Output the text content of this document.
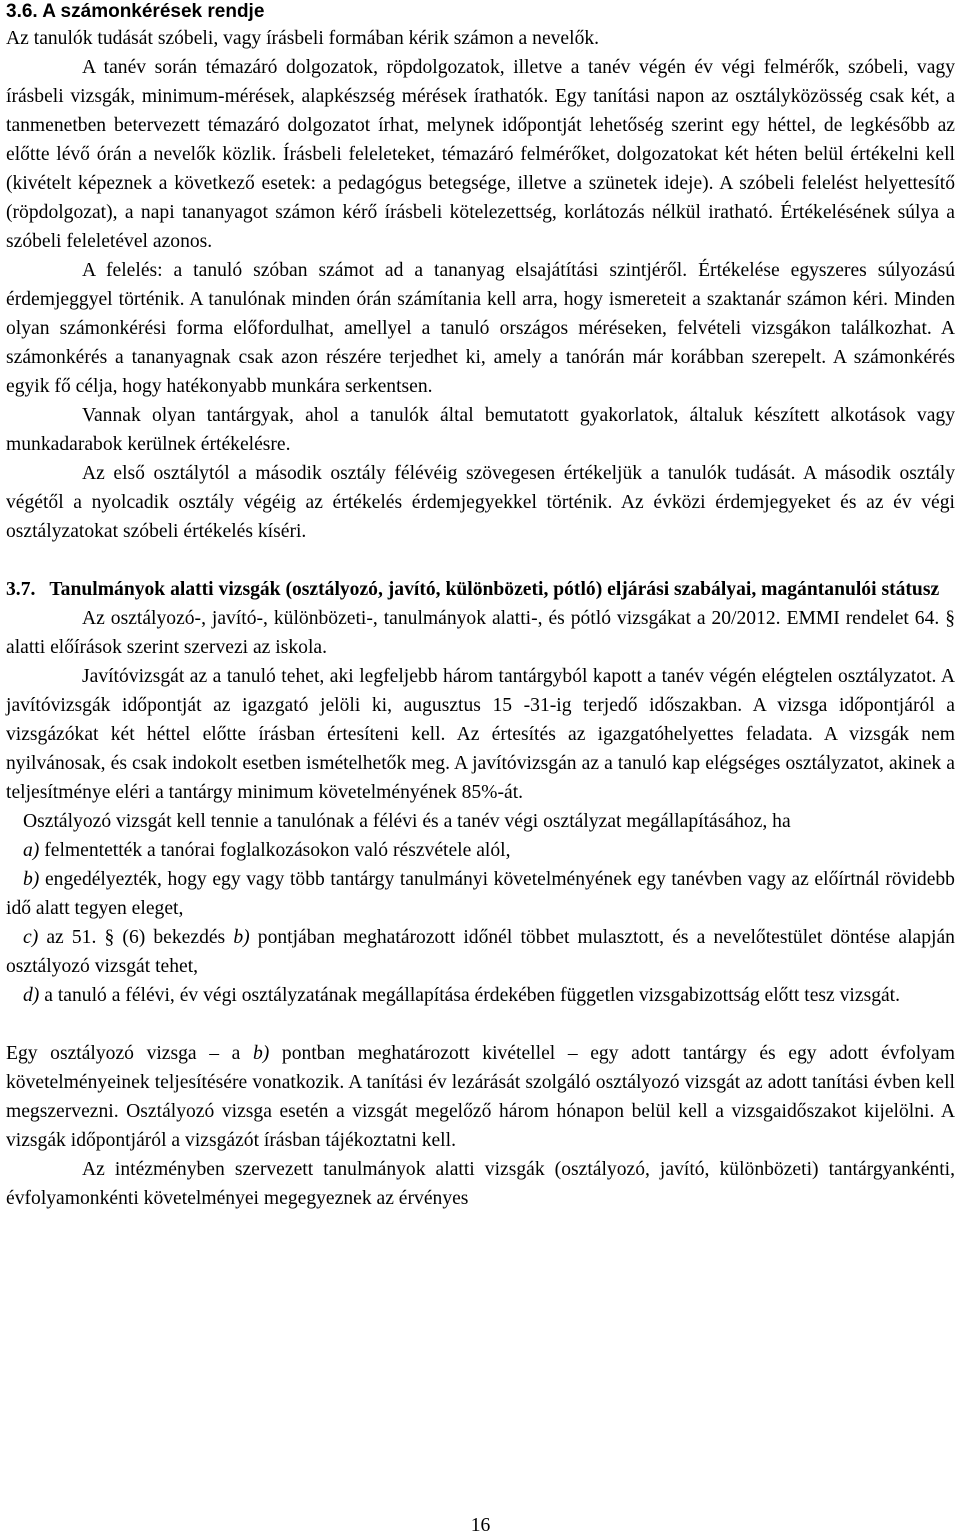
3.6. A számonkérések rendje

Az tanulók tudását szóbeli, vagy írásbeli formában kérik számon a nevelők.

A tanév során témazáró dolgozatok, röpdolgozatok, illetve a tanév végén év végi felmérők, szóbeli, vagy írásbeli vizsgák, minimum-mérések, alapkészség mérések írathatók. Egy tanítási napon az osztályközösség csak két, a tanmenetben betervezett témazáró dolgozatot írhat, melynek időpontját lehetőség szerint egy héttel, de legkésőbb az előtte lévő órán a nevelők közlik. Írásbeli feleleteket, témazáró felmérőket, dolgozatokat két héten belül értékelni kell (kivételt képeznek a következő esetek: a pedagógus betegsége, illetve a szünetek ideje). A szóbeli felelést helyettesítő (röpdolgozat), a napi tananyagot számon kérő írásbeli kötelezettség, korlátozás nélkül iratható. Értékelésének súlya a szóbeli feleletével azonos.

A felelés: a tanuló szóban számot ad a tananyag elsajátítási szintjéről. Értékelése egyszeres súlyozású érdemjeggyel történik. A tanulónak minden órán számítania kell arra, hogy ismereteit a szaktanár számon kéri. Minden olyan számonkérési forma előfordulhat, amellyel a tanuló országos méréseken, felvételi vizsgákon találkozhat. A számonkérés a tananyagnak csak azon részére terjedhet ki, amely a tanórán már korábban szerepelt. A számonkérés egyik fő célja, hogy hatékonyabb munkára serkentsen.

Vannak olyan tantárgyak, ahol a tanulók által bemutatott gyakorlatok, általuk készített alkotások vagy munkadarabok kerülnek értékelésre.

Az első osztálytól a második osztály félévéig szövegesen értékeljük a tanulók tudását. A második osztály végétől a nyolcadik osztály végéig az értékelés érdemjegyekkel történik. Az évközi érdemjegyeket és az év végi osztályzatokat szóbeli értékelés kíséri.

3.7. Tanulmányok alatti vizsgák (osztályozó, javító, különbözeti, pótló) eljárási szabályai, magántanulói státusz

Az osztályozó-, javító-, különbözeti-, tanulmányok alatti-, és pótló vizsgákat a 20/2012. EMMI rendelet 64. § alatti előírások szerint szervezi az iskola.

Javítóvizsgát az a tanuló tehet, aki legfeljebb három tantárgyból kapott a tanév végén elégtelen osztályzatot. A javítóvizsgák időpontját az igazgató jelöli ki, augusztus 15 -31-ig terjedő időszakban. A vizsga időpontjáról a vizsgázókat két héttel előtte írásban értesíteni kell. Az értesítés az igazgatóhelyettes feladata. A vizsgák nem nyilvánosak, és csak indokolt esetben ismételhetők meg. A javítóvizsgán az a tanuló kap elégséges osztályzatot, akinek a teljesítménye eléri a tantárgy minimum követelményének 85%-át.

Osztályozó vizsgát kell tennie a tanulónak a félévi és a tanév végi osztályzat megállapításához, ha

a) felmentették a tanórai foglalkozásokon való részvétele alól,

b) engedélyezték, hogy egy vagy több tantárgy tanulmányi követelményének egy tanévben vagy az előírtnál rövidebb idő alatt tegyen eleget,

c) az 51. § (6) bekezdés b) pontjában meghatározott időnél többet mulasztott, és a nevelőtestület döntése alapján osztályozó vizsgát tehet,

d) a tanuló a félévi, év végi osztályzatának megállapítása érdekében független vizsgabizottság előtt tesz vizsgát.

Egy osztályozó vizsga – a b) pontban meghatározott kivétellel – egy adott tantárgy és egy adott évfolyam követelményeinek teljesítésére vonatkozik. A tanítási év lezárását szolgáló osztályozó vizsgát az adott tanítási évben kell megszervezni. Osztályozó vizsga esetén a vizsgát megelőző három hónapon belül kell a vizsgaidőszakot kijelölni. A vizsgák időpontjáról a vizsgázót írásban tájékoztatni kell.

Az intézményben szervezett tanulmányok alatti vizsgák (osztályozó, javító, különbözeti) tantárgyankénti, évfolyamonkénti követelményei megegyeznek az érvényes

16
